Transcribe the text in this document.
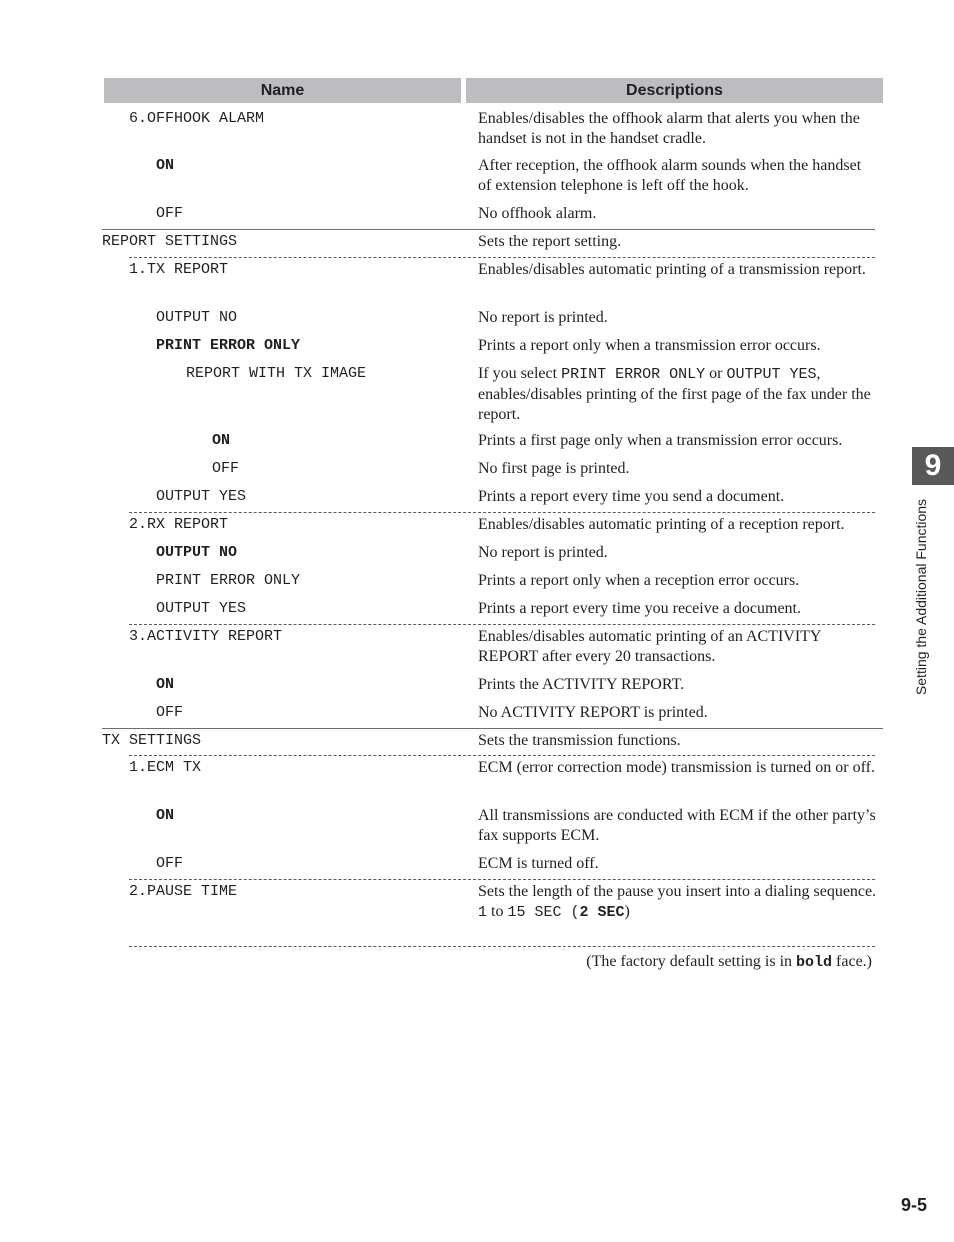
Name	Descriptions
6.OFFHOOK ALARM	Enables/disables the offhook alarm that alerts you when the handset is not in the handset cradle.
ON	After reception, the offhook alarm sounds when the handset of extension telephone is left off the hook.
OFF	No offhook alarm.
REPORT SETTINGS	Sets the report setting.
1.TX REPORT	Enables/disables automatic printing of a transmission report.
OUTPUT NO	No report is printed.
PRINT ERROR ONLY	Prints a report only when a transmission error occurs.
REPORT WITH TX IMAGE	If you select PRINT ERROR ONLY or OUTPUT YES, enables/disables printing of the first page of the fax under the report.
ON	Prints a first page only when a transmission error occurs.
OFF	No first page is printed.
OUTPUT YES	Prints a report every time you send a document.
2.RX REPORT	Enables/disables automatic printing of a reception report.
OUTPUT NO	No report is printed.
PRINT ERROR ONLY	Prints a report only when a reception error occurs.
OUTPUT YES	Prints a report every time you receive a document.
3.ACTIVITY REPORT	Enables/disables automatic printing of an ACTIVITY REPORT after every 20 transactions.
ON	Prints the ACTIVITY REPORT.
OFF	No ACTIVITY REPORT is printed.
TX SETTINGS	Sets the transmission functions.
1.ECM TX	ECM (error correction mode) transmission is turned on or off.
ON	All transmissions are conducted with ECM if the other party’s fax supports ECM.
OFF	ECM is turned off.
2.PAUSE TIME	Sets the length of the pause you insert into a dialing sequence.
1 to 15 SEC (2 SEC)
(The factory default setting is in bold face.)
9
Setting the Additional Functions
9-5
